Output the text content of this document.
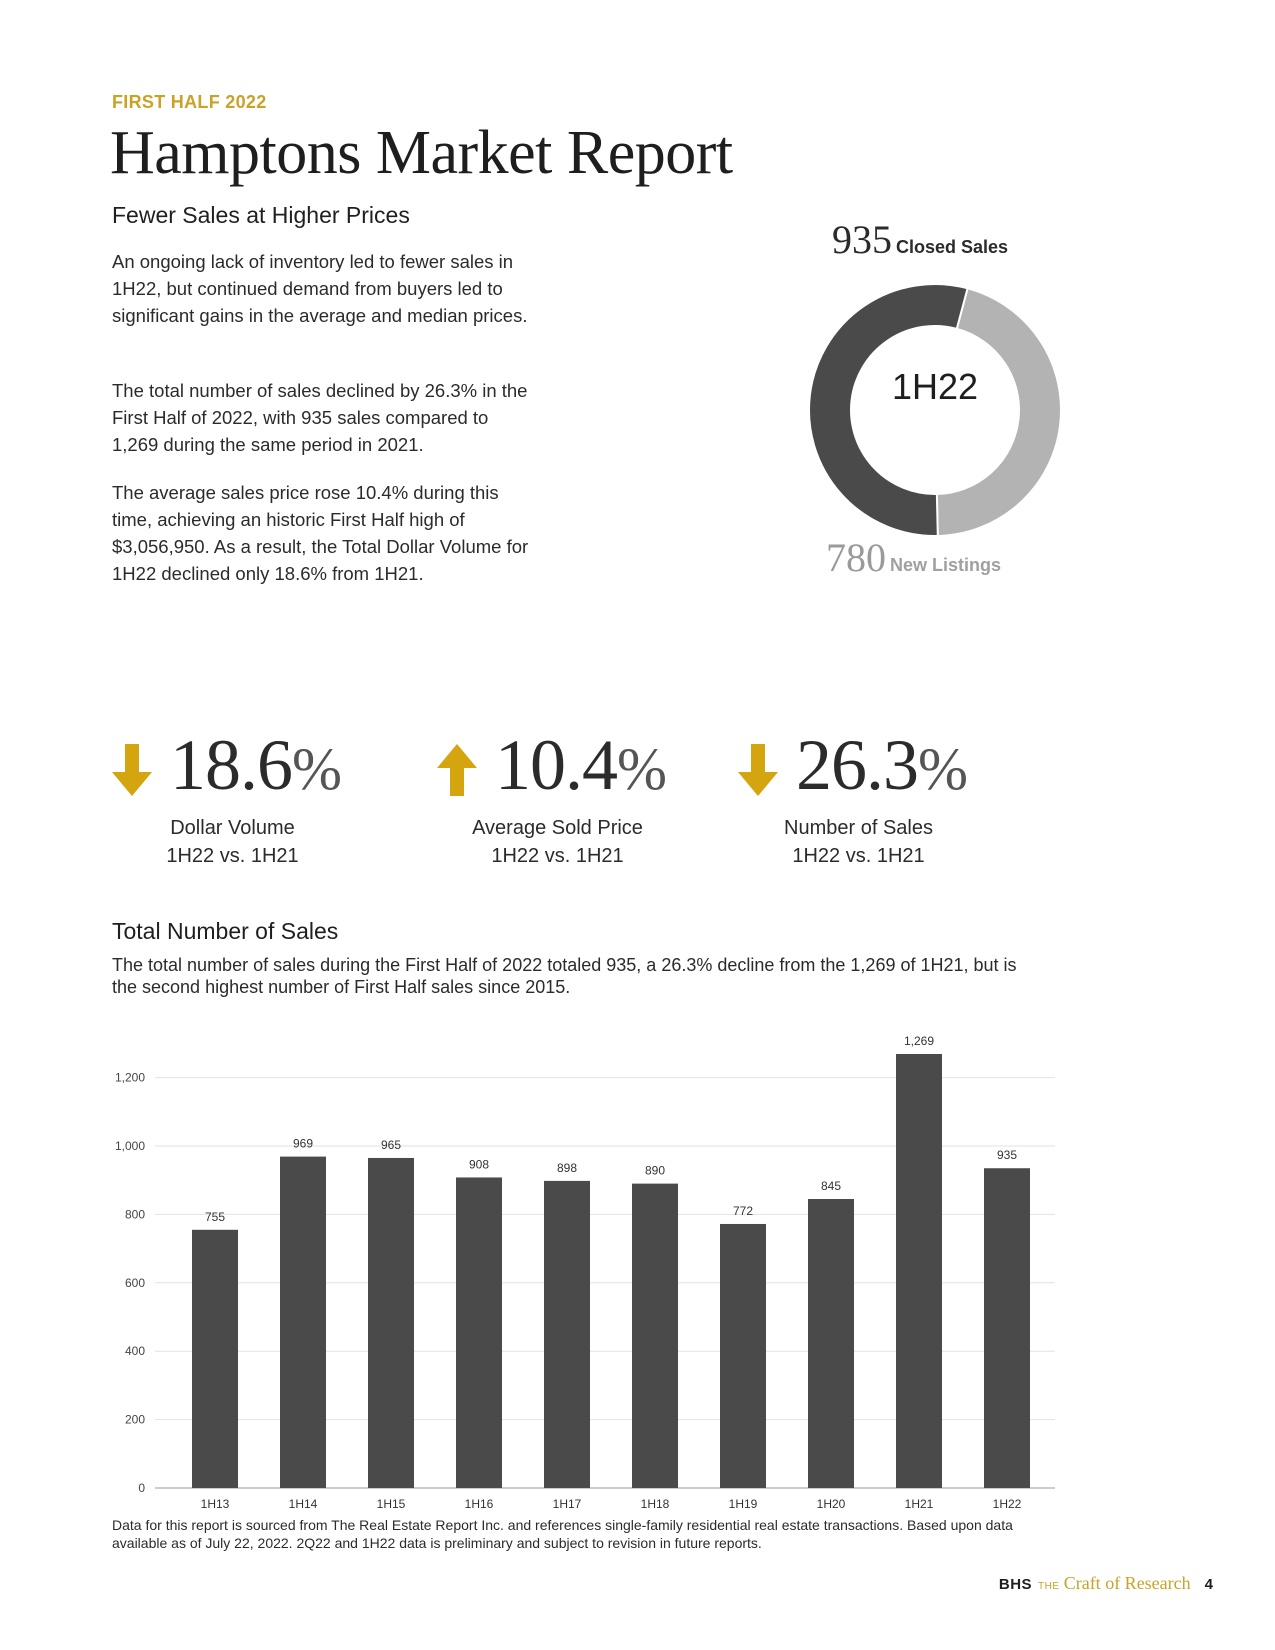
FIRST HALF 2022
Hamptons Market Report
Fewer Sales at Higher Prices

An ongoing lack of inventory led to fewer sales in 1H22, but continued demand from buyers led to significant gains in the average and median prices.

The total number of sales declined by 26.3% in the First Half of 2022, with 935 sales compared to 1,269 during the same period in 2021.

The average sales price rose 10.4% during this time, achieving an historic First Half high of $3,056,950. As a result, the Total Dollar Volume for 1H22 declined only 18.6% from 1H21.

935 Closed Sales
1H22
780 New Listings
18.6%
Dollar Volume
1H22 vs. 1H21
10.4%
Average Sold Price
1H22 vs. 1H21
26.3%
Number of Sales
1H22 vs. 1H21
Total Number of Sales
The total number of sales during the First Half of 2022 totaled 935, a 26.3% decline from the 1,269 of 1H21, but is the second highest number of First Half sales since 2015.
0
200
400
600
800
1,000
1,200
755
969	965
908	898	890
772
845
1,269
935
1H13	1H14	1H15	1H16	1H17	1H18	1H19	1H20	1H21	1H22
Data for this report is sourced from The Real Estate Report Inc. and references single-family residential real estate transactions. Based upon data available as of July 22, 2022. 2Q22 and 1H22 data is preliminary and subject to revision in future reports.
BHS THE Craft of Research 4
